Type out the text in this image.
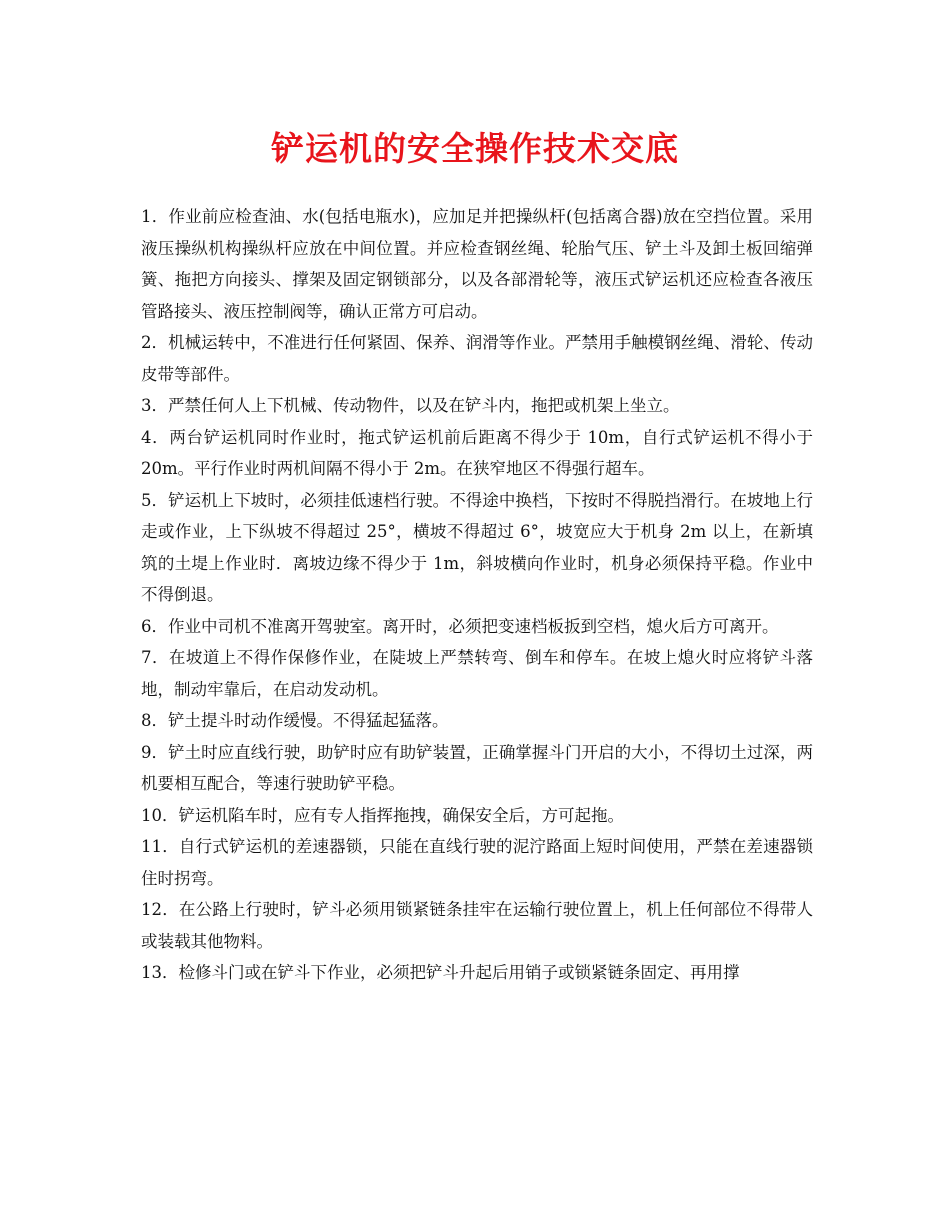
铲运机的安全操作技术交底

1．作业前应检查油、水(包括电瓶水)，应加足并把操纵杆(包括离合器)放在空挡位置。采用液压操纵机构操纵杆应放在中间位置。并应检查钢丝绳、轮胎气压、铲土斗及卸土板回缩弹簧、拖把方向接头、撑架及固定钢锁部分，以及各部滑轮等，液压式铲运机还应检查各液压管路接头、液压控制阀等，确认正常方可启动。

2．机械运转中，不准进行任何紧固、保养、润滑等作业。严禁用手触模钢丝绳、滑轮、传动皮带等部件。

3．严禁任何人上下机械、传动物件，以及在铲斗内，拖把或机架上坐立。

4．两台铲运机同时作业时，拖式铲运机前后距离不得少于 10m，自行式铲运机不得小于 20m。平行作业时两机间隔不得小于 2m。在狭窄地区不得强行超车。

5．铲运机上下坡时，必须挂低速档行驶。不得途中换档，下按时不得脱挡滑行。在坡地上行走或作业，上下纵坡不得超过 25°，横坡不得超过 6°，坡宽应大于机身 2m 以上，在新填筑的土堤上作业时．离坡边缘不得少于 1m，斜坡横向作业时，机身必须保持平稳。作业中不得倒退。

6．作业中司机不准离开驾驶室。离开时，必须把变速档板扳到空档，熄火后方可离开。

7．在坡道上不得作保修作业，在陡坡上严禁转弯、倒车和停车。在坡上熄火时应将铲斗落地，制动牢靠后，在启动发动机。

8．铲土提斗时动作缓慢。不得猛起猛落。

9．铲土时应直线行驶，助铲时应有助铲装置，正确掌握斗门开启的大小，不得切土过深，两机要相互配合，等速行驶助铲平稳。

10．铲运机陷车时，应有专人指挥拖拽，确保安全后，方可起拖。

11．自行式铲运机的差速器锁，只能在直线行驶的泥泞路面上短时间使用，严禁在差速器锁住时拐弯。

12．在公路上行驶时，铲斗必须用锁紧链条挂牢在运输行驶位置上，机上任何部位不得带人或装载其他物料。

13．检修斗门或在铲斗下作业，必须把铲斗升起后用销子或锁紧链条固定、再用撑
